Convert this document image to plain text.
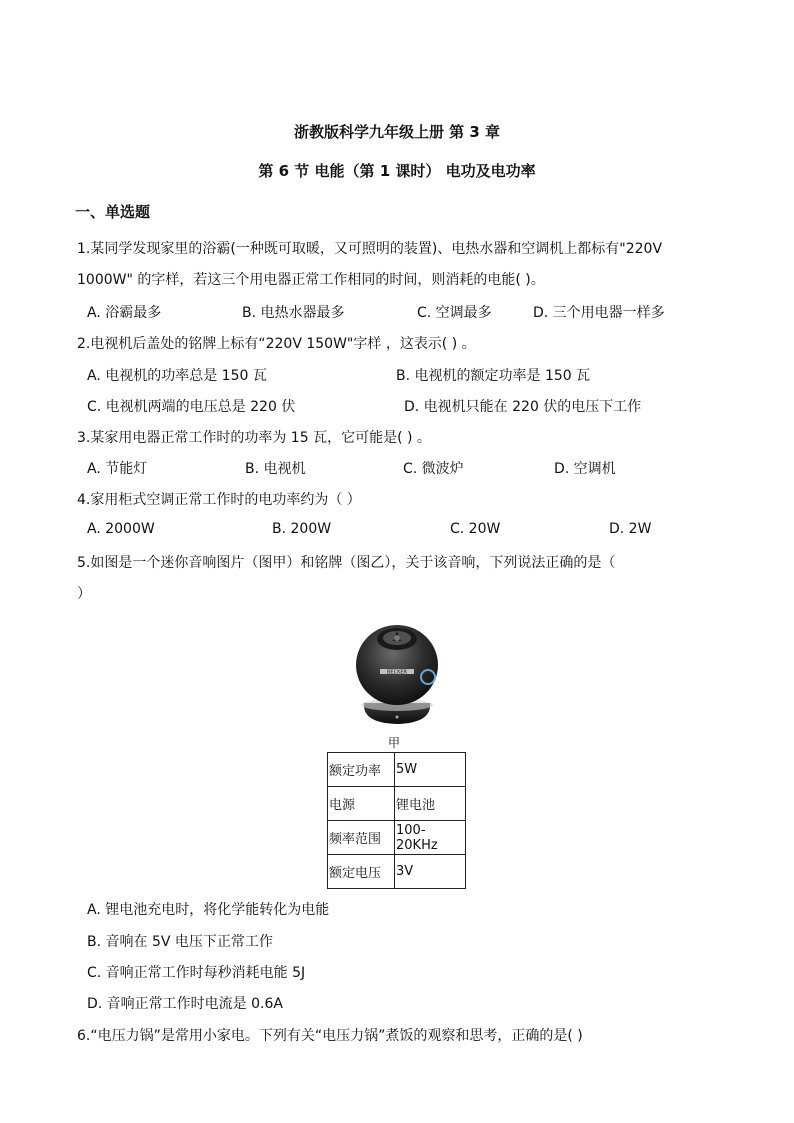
浙教版科学九年级上册 第 3 章
第 6 节 电能（第 1 课时） 电功及电功率
一、单选题
1.某同学发现家里的浴霸(一种既可取暖，又可照明的装置)、电热水器和空调机上都标有"220V
1000W" 的字样，若这三个用电器正常工作相同的时间，则消耗的电能( )。
A. 浴霸最多	B. 电热水器最多	C. 空调最多	D. 三个用电器一样多
2.电视机后盖处的铭牌上标有“220V 150W"字样 ，这表示( ) 。
A. 电视机的功率总是 150 瓦	B. 电视机的额定功率是 150 瓦
C. 电视机两端的电压总是 220 伏	D. 电视机只能在 220 伏的电压下工作
3.某家用电器正常工作时的功率为 15 瓦，它可能是( ) 。
A. 节能灯	B. 电视机	C. 微波炉	D. 空调机
4.家用柜式空调正常工作时的电功率约为（ ）
A. 2000W	B. 200W	C. 20W	D. 2W
5.如图是一个迷你音响图片（图甲）和铭牌（图乙），关于该音响，下列说法正确的是（
）
BECKER
甲
额定功率	5W
电源	锂电池
频率范围	100-20KHz
额定电压	3V
A. 锂电池充电时，将化学能转化为电能
B. 音响在 5V 电压下正常工作
C. 音响正常工作时每秒消耗电能 5J
D. 音响正常工作时电流是 0.6A
6.“电压力锅”是常用小家电。下列有关“电压力锅”煮饭的观察和思考，正确的是( )
